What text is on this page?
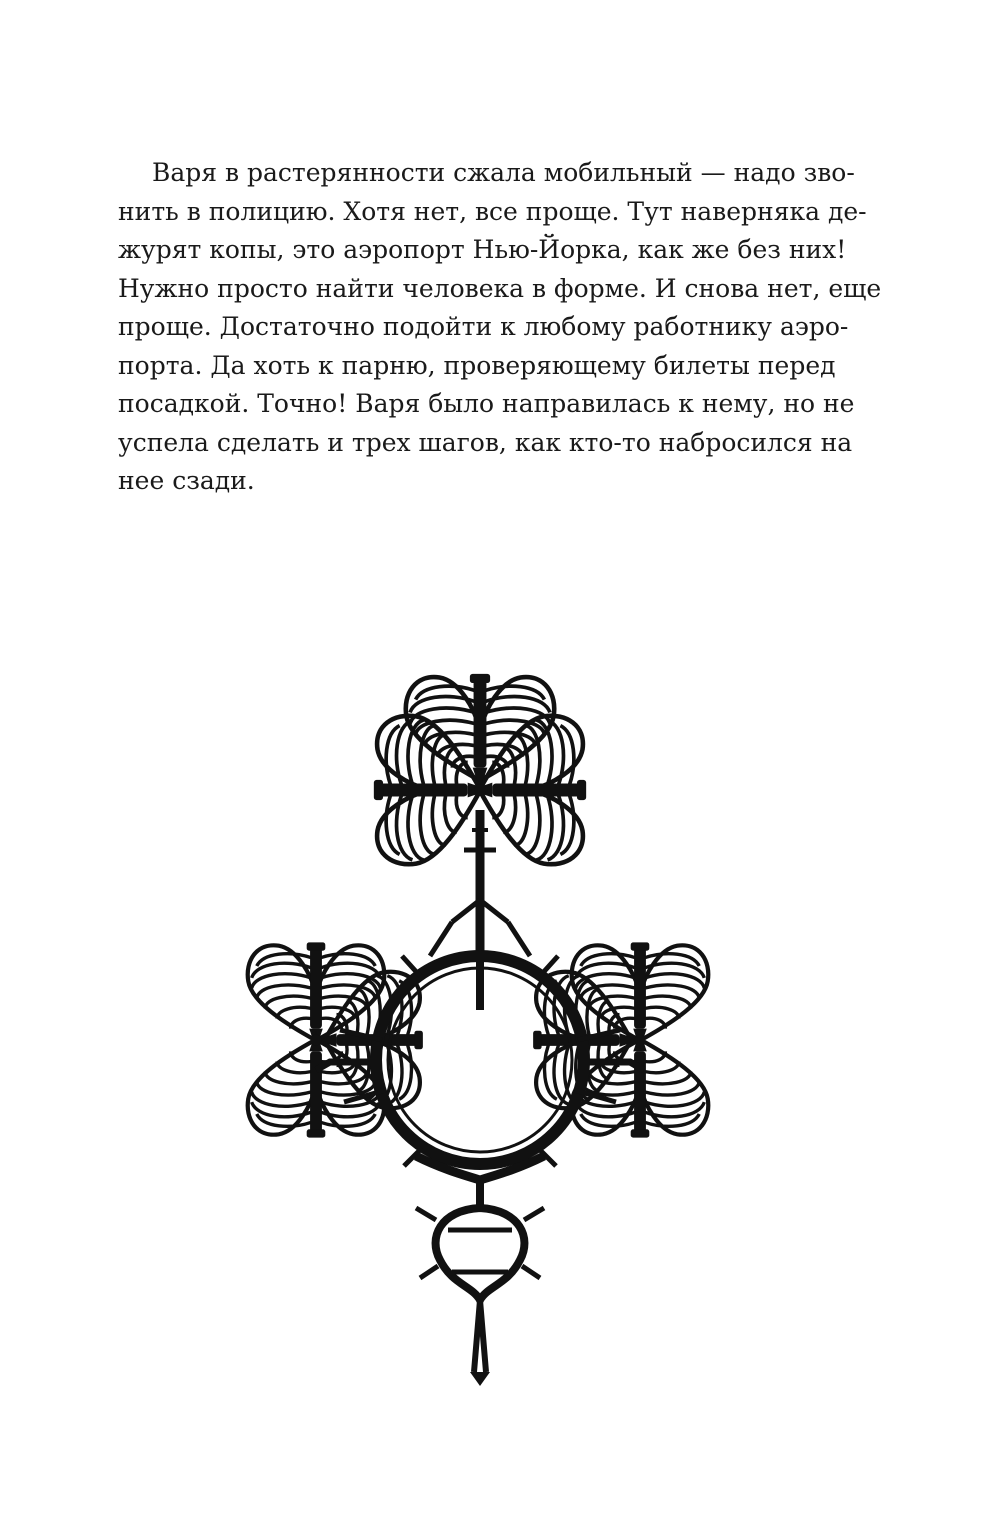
Варя в растерянности сжала мобильный — надо зво-
нить в полицию. Хотя нет, все проще. Тут наверняка де-
журят копы, это аэропорт Нью-Йорка, как же без них!
Нужно просто найти человека в форме. И снова нет, еще
проще. Достаточно подойти к любому работнику аэро-
порта. Да хоть к парню, проверяющему билеты перед
посадкой. Точно! Варя было направилась к нему, но не
успела сделать и трех шагов, как кто-то набросился на
нее сзади.
